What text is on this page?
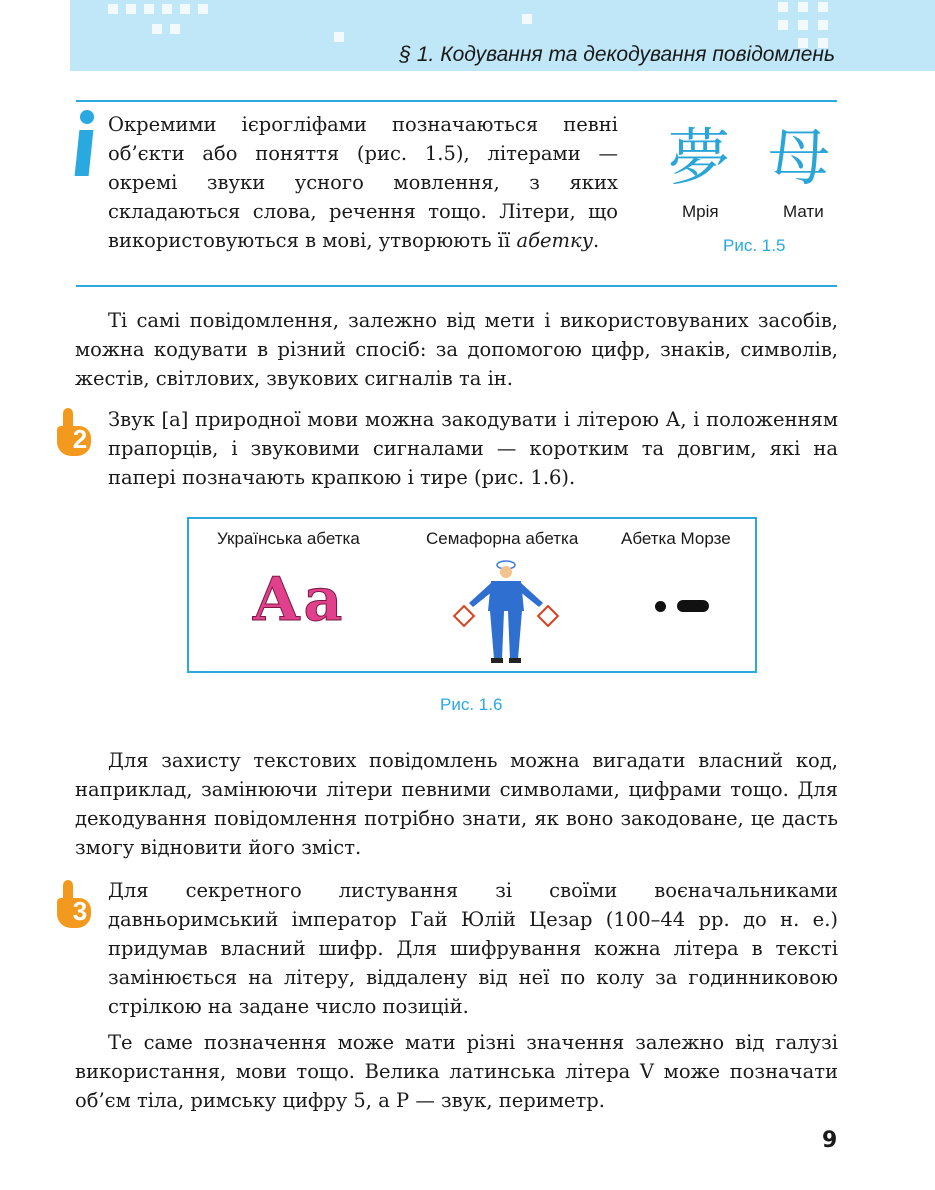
§ 1. Кодування та декодування повідомлень
Окремими ієрогліфами позначаються певні об’єкти або поняття (рис. 1.5), літерами — окремі звуки усного мовлення, з яких складаються слова, речення тощо. Літери, що використовуються в мові, утворюють її абетку.
夢 母
Мрія	Мати
Рис. 1.5
Ті самі повідомлення, залежно від мети і використовуваних засобів, можна кодувати в різний спосіб: за допомогою цифр, знаків, символів, жестів, світлових, звукових сигналів та ін.
2
Звук [а] природної мови можна закодувати і літерою А, і положенням прапорців, і звуковими сигналами — коротким та довгим, які на папері позначають крапкою і тире (рис. 1.6).
Українська абетка	Семафорна абетка	Абетка Морзе
Aa
Рис. 1.6
Для захисту текстових повідомлень можна вигадати власний код, наприклад, замінюючи літери певними символами, цифрами тощо. Для декодування повідомлення потрібно знати, як воно закодоване, це дасть змогу відновити його зміст.
3
Для секретного листування зі своїми воєначальниками давньоримський імператор Гай Юлій Цезар (100–44 рр. до н. е.) придумав власний шифр. Для шифрування кожна літера в тексті замінюється на літеру, віддалену від неї по колу за годинниковою стрілкою на задане число позицій.
Те саме позначення може мати різні значення залежно від галузі використання, мови тощо. Велика латинська літера V може позначати об’єм тіла, римську цифру 5, а Р — звук, периметр.
9
